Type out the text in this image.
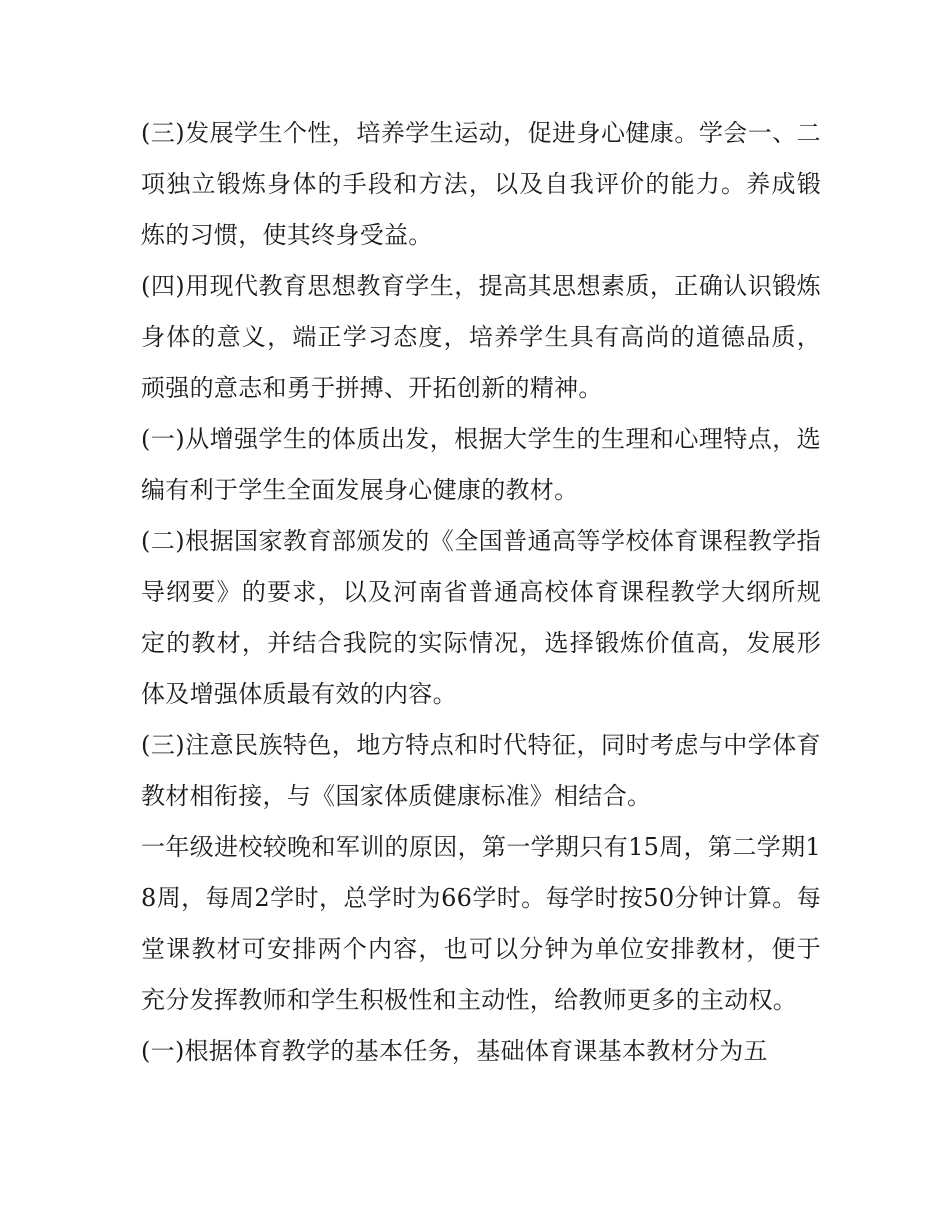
(三)发展学生个性，培养学生运动，促进身心健康。学会一、二项独立锻炼身体的手段和方法，以及自我评价的能力。养成锻炼的习惯，使其终身受益。

(四)用现代教育思想教育学生，提高其思想素质，正确认识锻炼身体的意义，端正学习态度，培养学生具有高尚的道德品质，顽强的意志和勇于拼搏、开拓创新的精神。

(一)从增强学生的体质出发，根据大学生的生理和心理特点，选编有利于学生全面发展身心健康的教材。

(二)根据国家教育部颁发的《全国普通高等学校体育课程教学指导纲要》的要求，以及河南省普通高校体育课程教学大纲所规定的教材，并结合我院的实际情况，选择锻炼价值高，发展形体及增强体质最有效的内容。

(三)注意民族特色，地方特点和时代特征，同时考虑与中学体育教材相衔接，与《国家体质健康标准》相结合。

一年级进校较晚和军训的原因，第一学期只有15周，第二学期18周，每周2学时，总学时为66学时。每学时按50分钟计算。每堂课教材可安排两个内容，也可以分钟为单位安排教材，便于充分发挥教师和学生积极性和主动性，给教师更多的主动权。

(一)根据体育教学的基本任务，基础体育课基本教材分为五
